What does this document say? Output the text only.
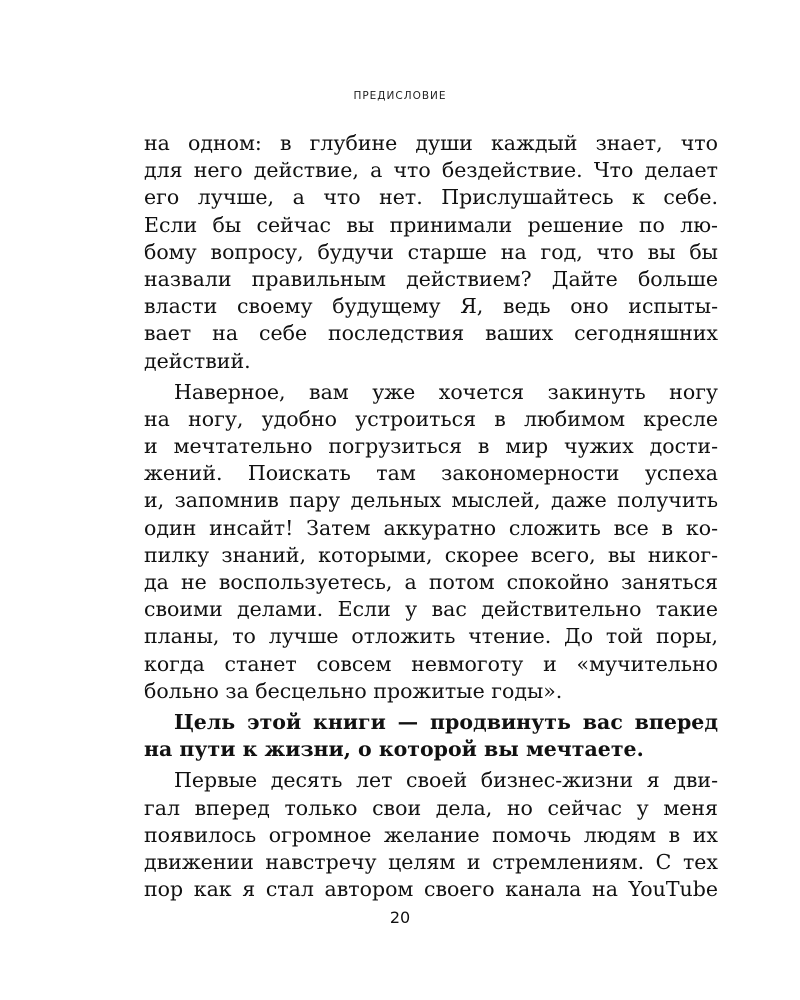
ПРЕДИСЛОВИЕ
на одном: в глубине души каждый знает, что
для него действие, а что бездействие. Что делает
его лучше, а что нет. Прислушайтесь к себе.
Если бы сейчас вы принимали решение по лю-
бому вопросу, будучи старше на год, что вы бы
назвали правильным действием? Дайте больше
власти своему будущему Я, ведь оно испыты-
вает на себе последствия ваших сегодняшних
действий.
Наверное, вам уже хочется закинуть ногу
на ногу, удобно устроиться в любимом кресле
и мечтательно погрузиться в мир чужих дости-
жений. Поискать там закономерности успеха
и, запомнив пару дельных мыслей, даже получить
один инсайт! Затем аккуратно сложить все в ко-
пилку знаний, которыми, скорее всего, вы никог-
да не воспользуетесь, а потом спокойно заняться
своими делами. Если у вас действительно такие
планы, то лучше отложить чтение. До той поры,
когда станет совсем невмоготу и «мучительно
больно за бесцельно прожитые годы».
Цель этой книги — продвинуть вас вперед
на пути к жизни, о которой вы мечтаете.
Первые десять лет своей бизнес-жизни я дви-
гал вперед только свои дела, но сейчас у меня
появилось огромное желание помочь людям в их
движении навстречу целям и стремлениям. С тех
пор как я стал автором своего канала на YouTube
20
